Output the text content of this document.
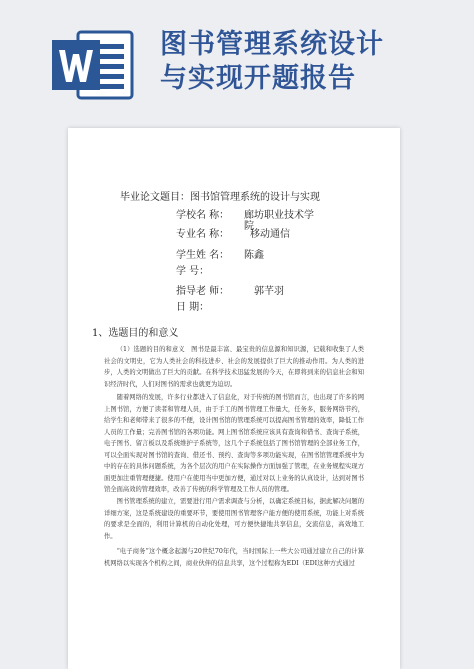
图书管理系统设计
与实现开题报告
毕业论文题目：图书馆管理系统的设计与实现
学校名 称： 廊坊职业技术学
院
专业名 称： 移动通信
学生姓 名： 陈鑫
学 号：
指导老 师： 郭芊羽
日 期：
1、选题目的和意义
（1）选题的目的和意义　图书是最丰富、最宝贵的信息源和知识源，记载和收集了人类社会的文明史，它为人类社会的科技进步、社会的发展提供了巨大的推动作用。为人类的进步，人类的文明做出了巨大的贡献。在科学技术迅猛发展的今天，在即将到来的信息社会和知识经济时代，人们对图书的需求也就更为迫切。
随着网络的发展，许多行业都进入了信息化，对于传统的图书馆而言，也出现了许多的网上图书馆，方便了读者和管理人员，由于手工的图书管理工作量大，任务多，服务网络节约，给学生和老师带来了很多的不便，设计图书馆的管理系统可以提高图书管理的效率，降低工作人员的工作量；完善图书馆的各项功能。网上图书馆系统应该具有查询和借书、查询子系统，电子图书、留言板以及系统维护子系统等，这几个子系统包括了图书馆管理的全部业务工作，可以全面实现对图书馆的查询、借还书、预约、查询等多项功能实现，在图书馆管理系统中为中的存在的具体问题系统，为各个层次的用户在实际操作方面加强了管理，在业务规程实现方面更加注重管理便捷。使用户在使用当中更加方便，通过对以上业务的认真设计，达到对图书馆全面高效的管理效率，改善了传统的科学管理及工作人员的管理。
图书管理系统的建立，需要进行用户需求调查与分析，以确定系统目标，据此解决问题的详细方案，这是系统建设的重要环节，要使用图书管理客户能方便的使用系统，功能上对系统的要求是全面的，利用计算机的自动化处理，可方便快捷地共享信息，交流信息，高效地工作。
“电子商务”这个概念起源与20世纪70年代，当时国际上一些大公司通过建立自己的计算机网络以实现各个机构之间，商业伙伴的信息共享，这个过程称为EDI（EDI这种方式通过
